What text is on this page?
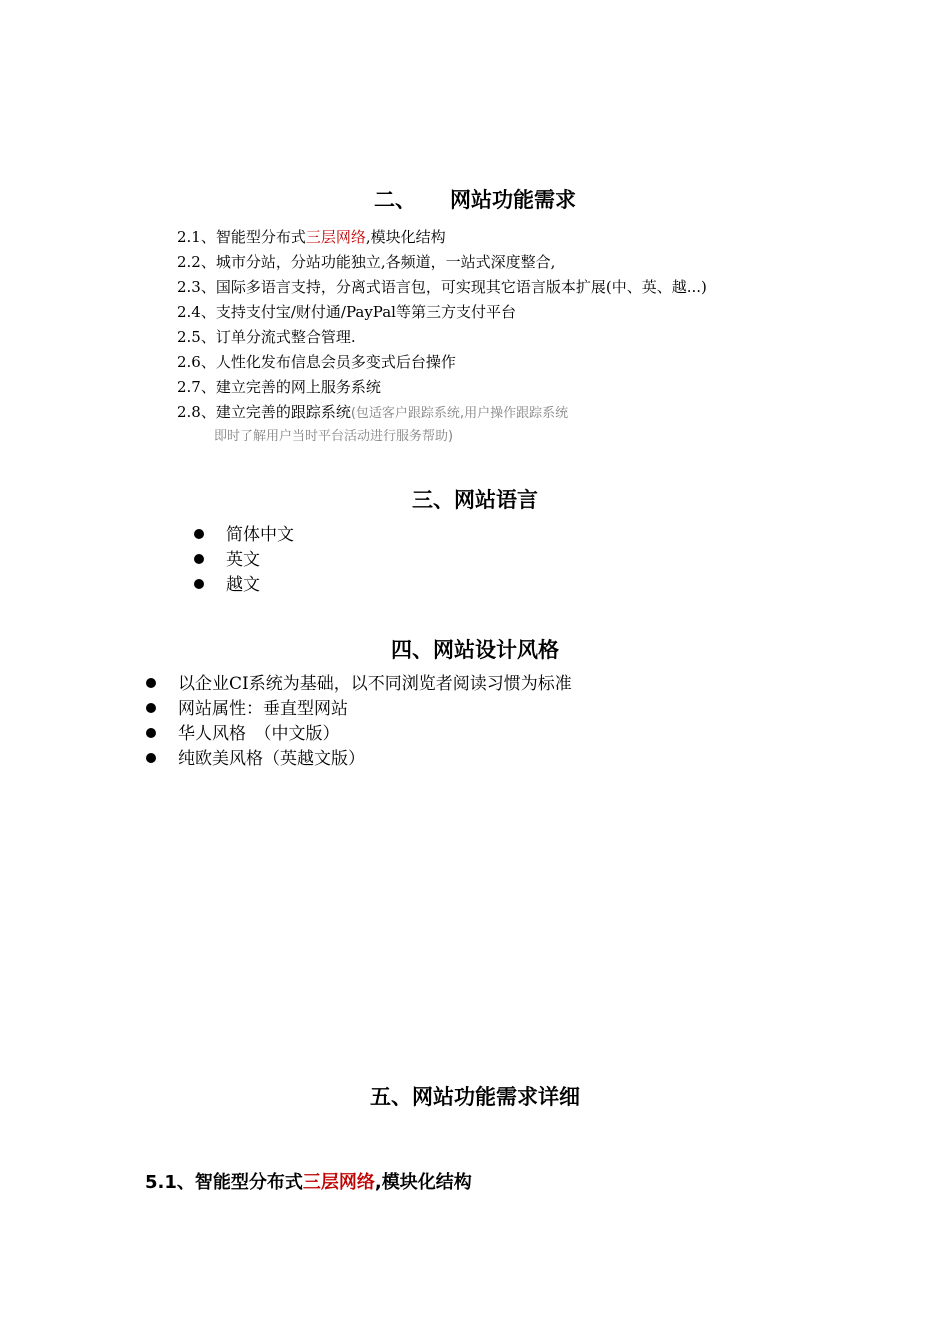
二、 网站功能需求
2.1、智能型分布式三层网络,模块化结构
2.2、城市分站，分站功能独立,各频道，一站式深度整合,
2.3、国际多语言支持，分离式语言包，可实现其它语言版本扩展(中、英、越...)
2.4、支持支付宝/财付通/PayPal等第三方支付平台
2.5、订单分流式整合管理.
2.6、人性化发布信息会员多变式后台操作
2.7、建立完善的网上服务系统
2.8、建立完善的跟踪系统(包适客户跟踪系统,用户操作跟踪系统
即时了解用户当时平台活动进行服务帮助)
三、网站语言
简体中文
英文
越文
四、网站设计风格
以企业CI系统为基础，以不同浏览者阅读习惯为标准
网站属性：垂直型网站
华人风格　（中文版）
纯欧美风格（英越文版）
五、网站功能需求详细
5.1、智能型分布式三层网络,模块化结构
